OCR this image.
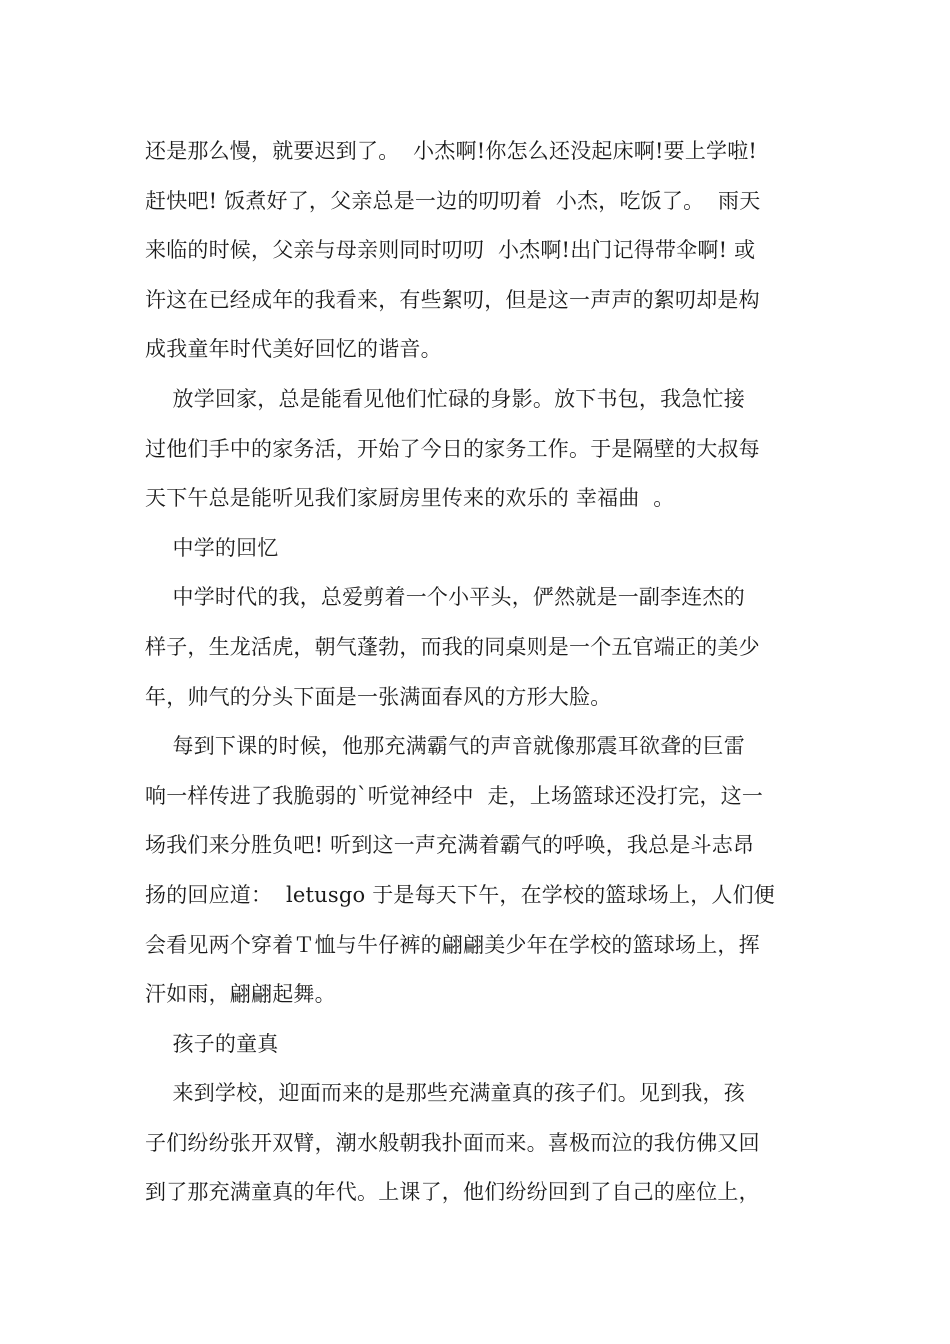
还是那么慢，就要迟到了。  小杰啊!你怎么还没起床啊!要上学啦!
赶快吧! 饭煮好了，父亲总是一边的叨叨着  小杰，吃饭了。  雨天
来临的时候，父亲与母亲则同时叨叨  小杰啊!出门记得带伞啊! 或
许这在已经成年的我看来，有些絮叨，但是这一声声的絮叨却是构
成我童年时代美好回忆的谐音。
放学回家，总是能看见他们忙碌的身影。放下书包，我急忙接
过他们手中的家务活，开始了今日的家务工作。于是隔壁的大叔每
天下午总是能听见我们家厨房里传来的欢乐的 幸福曲  。
中学的回忆
中学时代的我，总爱剪着一个小平头，俨然就是一副李连杰的
样子，生龙活虎，朝气蓬勃，而我的同桌则是一个五官端正的美少
年，帅气的分头下面是一张满面春风的方形大脸。
每到下课的时候，他那充满霸气的声音就像那震耳欲聋的巨雷
响一样传进了我脆弱的`听觉神经中  走，上场篮球还没打完，这一
场我们来分胜负吧! 听到这一声充满着霸气的呼唤，我总是斗志昂
扬的回应道：  letusgo 于是每天下午，在学校的篮球场上，人们便
会看见两个穿着Ｔ恤与牛仔裤的翩翩美少年在学校的篮球场上，挥
汗如雨，翩翩起舞。
孩子的童真
来到学校，迎面而来的是那些充满童真的孩子们。见到我，孩
子们纷纷张开双臂，潮水般朝我扑面而来。喜极而泣的我仿佛又回
到了那充满童真的年代。上课了，他们纷纷回到了自己的座位上，
